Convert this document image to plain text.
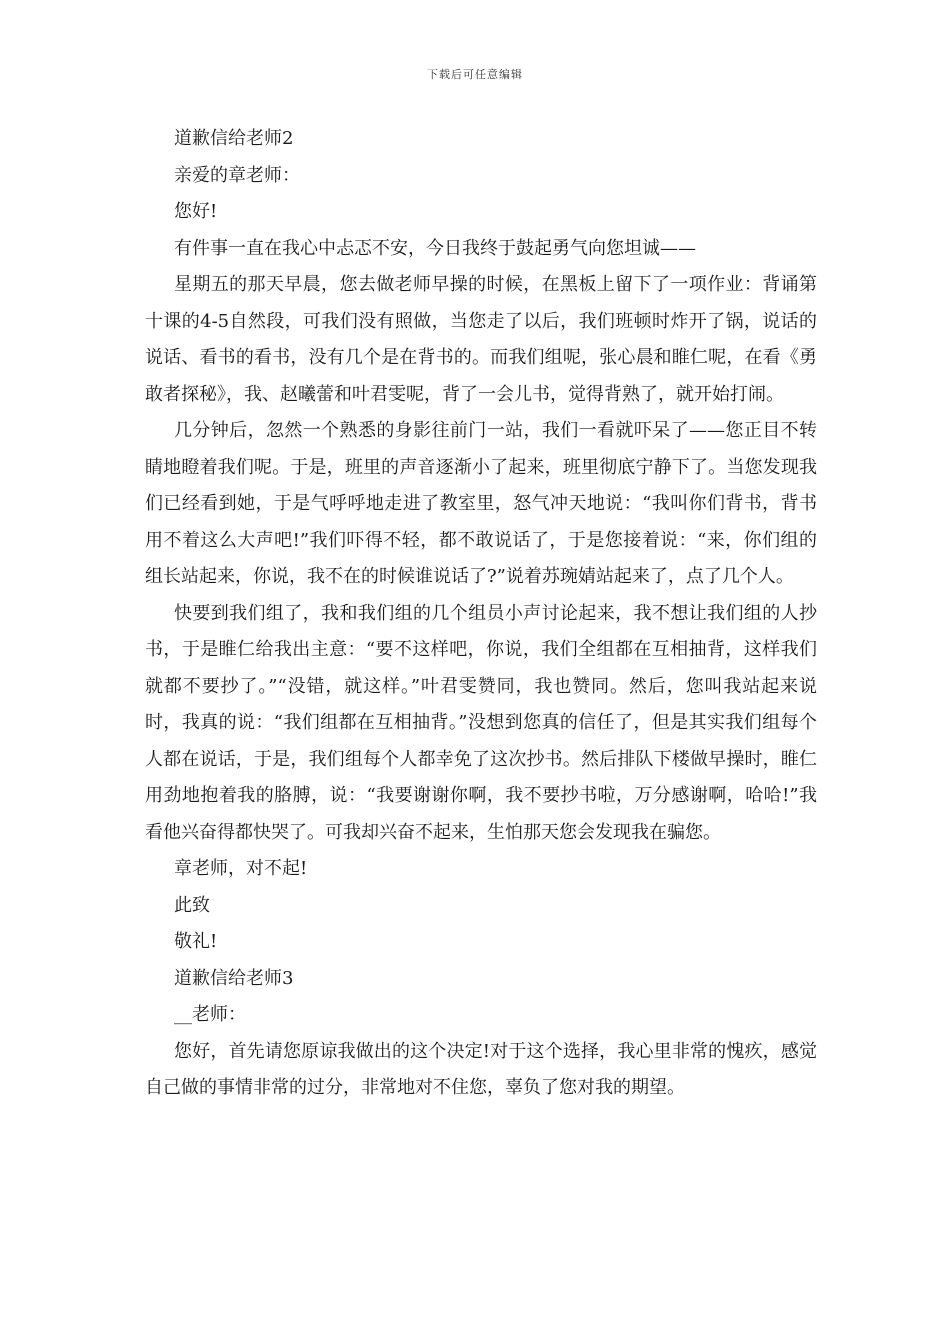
下载后可任意编辑
道歉信给老师2
亲爱的章老师：
您好!

有件事一直在我心中忐忑不安，今日我终于鼓起勇气向您坦诚——

星期五的那天早晨，您去做老师早操的时候，在黑板上留下了一项作业：背诵第十课的4-5自然段，可我们没有照做，当您走了以后，我们班顿时炸开了锅，说话的说话、看书的看书，没有几个是在背书的。而我们组呢，张心晨和睢仁呢，在看《勇敢者探秘》，我、赵曦蕾和叶君雯呢，背了一会儿书，觉得背熟了，就开始打闹。

几分钟后，忽然一个熟悉的身影往前门一站，我们一看就吓呆了——您正目不转睛地瞪着我们呢。于是，班里的声音逐渐小了起来，班里彻底宁静下了。当您发现我们已经看到她，于是气呼呼地走进了教室里，怒气冲天地说：“我叫你们背书，背书用不着这么大声吧!”我们吓得不轻，都不敢说话了，于是您接着说：“来，你们组的组长站起来，你说，我不在的时候谁说话了?”说着苏琬婧站起来了，点了几个人。

快要到我们组了，我和我们组的几个组员小声讨论起来，我不想让我们组的人抄书，于是睢仁给我出主意：“要不这样吧，你说，我们全组都在互相抽背，这样我们就都不要抄了。”“没错，就这样。”叶君雯赞同，我也赞同。然后，您叫我站起来说时，我真的说：“我们组都在互相抽背。”没想到您真的信任了，但是其实我们组每个人都在说话，于是，我们组每个人都幸免了这次抄书。然后排队下楼做早操时，睢仁用劲地抱着我的胳膊，说：“我要谢谢你啊，我不要抄书啦，万分感谢啊，哈哈!”我看他兴奋得都快哭了。可我却兴奋不起来，生怕那天您会发现我在骗您。

章老师，对不起!
此致
敬礼!
道歉信给老师3
__老师：

您好，首先请您原谅我做出的这个决定!对于这个选择，我心里非常的愧疚，感觉自己做的事情非常的过分，非常地对不住您，辜负了您对我的期望。
